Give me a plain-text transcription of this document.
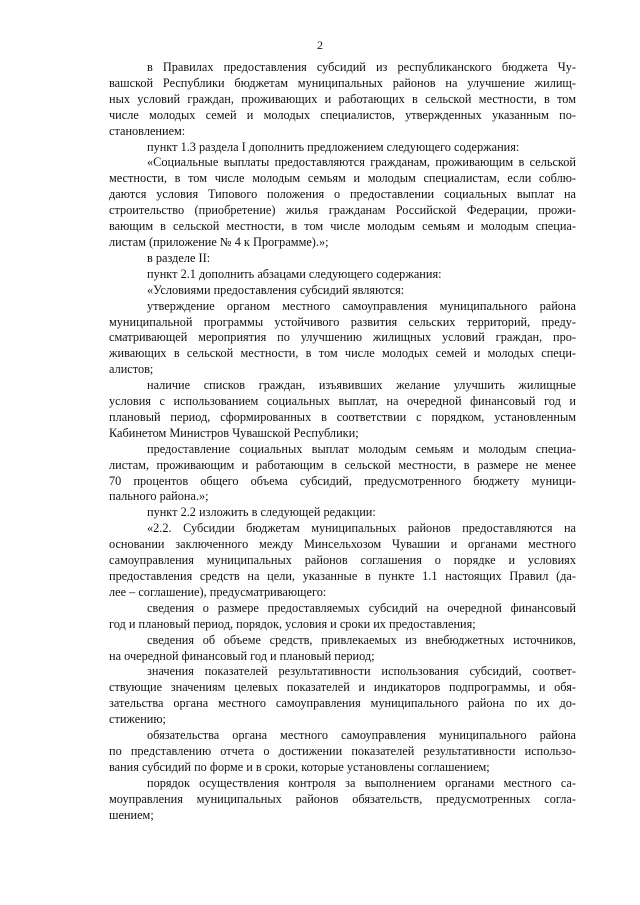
2

в Правилах предоставления субсидий из республиканского бюджета Чу-
вашской Республики бюджетам муниципальных районов на улучшение жилищ-
ных условий граждан, проживающих и работающих в сельской местности, в том
числе молодых семей и молодых специалистов, утвержденных указанным по-
становлением:

пункт 1.3 раздела I дополнить предложением следующего содержания:

«Социальные выплаты предоставляются гражданам, проживающим в сельской
местности, в том числе молодым семьям и молодым специалистам, если соблю-
даются условия Типового положения о предоставлении социальных выплат на
строительство (приобретение) жилья гражданам Российской Федерации, прожи-
вающим в сельской местности, в том числе молодым семьям и молодым специа-
листам (приложение № 4 к Программе).»;

в разделе II:

пункт 2.1 дополнить абзацами следующего содержания:

«Условиями предоставления субсидий являются:

утверждение органом местного самоуправления муниципального района
муниципальной программы устойчивого развития сельских территорий, преду-
сматривающей мероприятия по улучшению жилищных условий граждан, про-
живающих в сельской местности, в том числе молодых семей и молодых специ-
алистов;

наличие списков граждан, изъявивших желание улучшить жилищные
условия с использованием социальных выплат, на очередной финансовый год и
плановый период, сформированных в соответствии с порядком, установленным
Кабинетом Министров Чувашской Республики;

предоставление социальных выплат молодым семьям и молодым специа-
листам, проживающим и работающим в сельской местности, в размере не менее
70 процентов общего объема субсидий, предусмотренного бюджету муници-
пального района.»;

пункт 2.2 изложить в следующей редакции:

«2.2. Субсидии бюджетам муниципальных районов предоставляются на
основании заключенного между Минсельхозом Чувашии и органами местного
самоуправления муниципальных районов соглашения о порядке и условиях
предоставления средств на цели, указанные в пункте 1.1 настоящих Правил (да-
лее – соглашение), предусматривающего:

сведения о размере предоставляемых субсидий на очередной финансовый
год и плановый период, порядок, условия и сроки их предоставления;

сведения об объеме средств, привлекаемых из внебюджетных источников,
на очередной финансовый год и плановый период;

значения показателей результативности использования субсидий, соответ-
ствующие значениям целевых показателей и индикаторов подпрограммы, и обя-
зательства органа местного самоуправления муниципального района по их до-
стижению;

обязательства органа местного самоуправления муниципального района
по представлению отчета о достижении показателей результативности использо-
вания субсидий по форме и в сроки, которые установлены соглашением;

порядок осуществления контроля за выполнением органами местного са-
моуправления муниципальных районов обязательств, предусмотренных согла-
шением;
